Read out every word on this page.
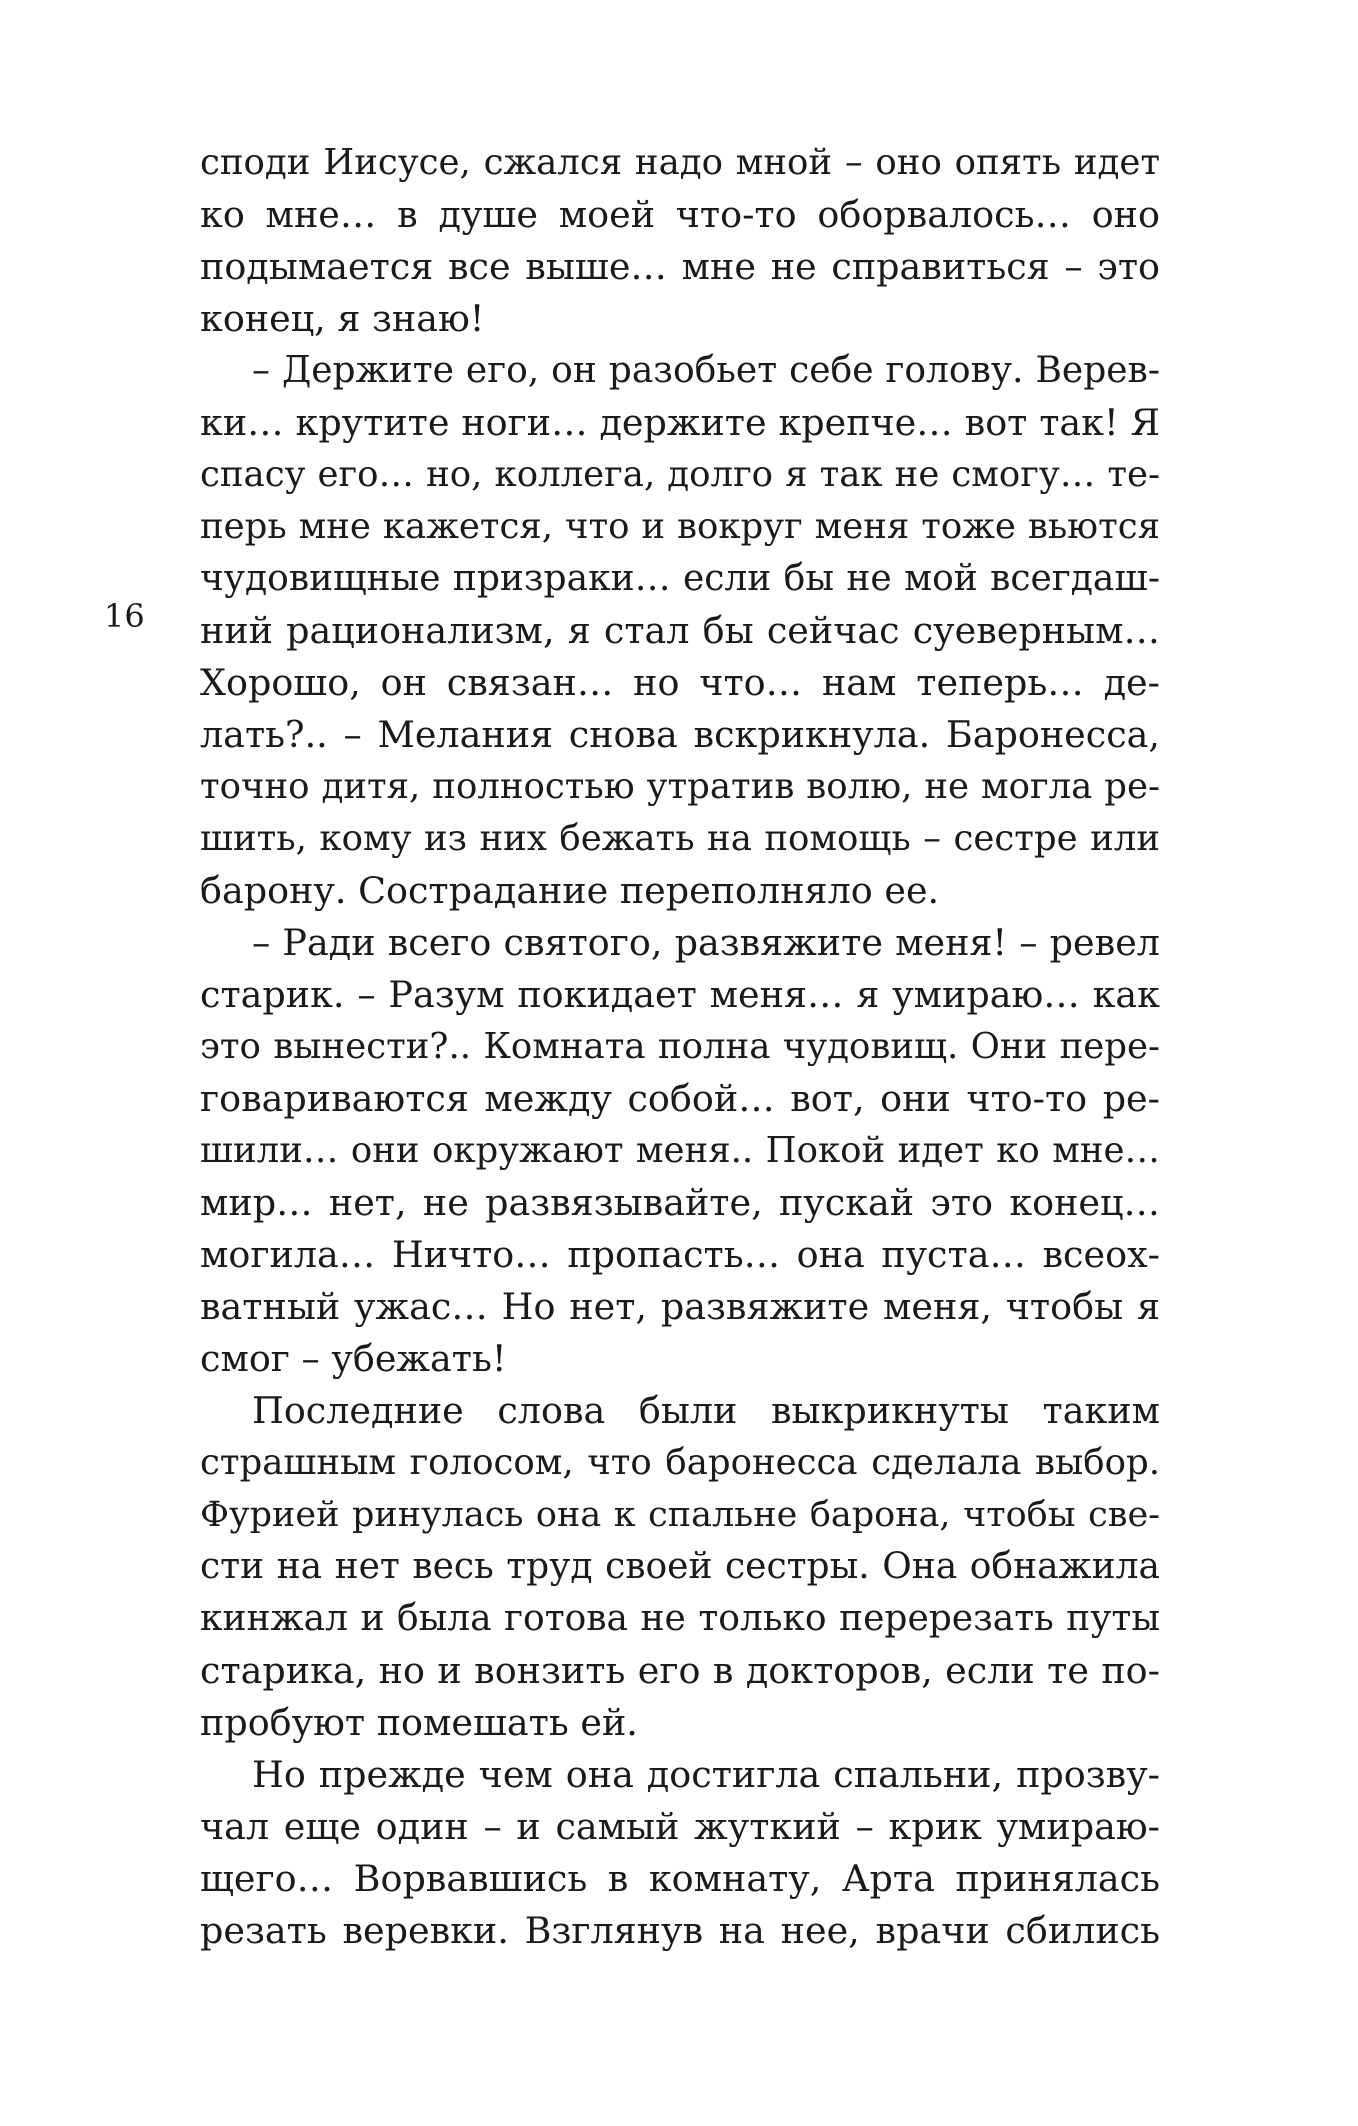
16
споди Иисусе, сжался надо мной – оно опять идет
ко мне… в душе моей что-то оборвалось… оно
подымается все выше… мне не справиться – это
конец, я знаю!
– Держите его, он разобьет себе голову. Верев-
ки… крутите ноги… держите крепче… вот так! Я
спасу его… но, коллега, долго я так не смогу… те-
перь мне кажется, что и вокруг меня тоже вьются
чудовищные призраки… если бы не мой всегдаш-
ний рационализм, я стал бы сейчас суеверным…
Хорошо, он связан… но что… нам теперь… де-
лать?.. – Мелания снова вскрикнула. Баронесса,
точно дитя, полностью утратив волю, не могла ре-
шить, кому из них бежать на помощь – сестре или
барону. Сострадание переполняло ее.
– Ради всего святого, развяжите меня! – ревел
старик. – Разум покидает меня… я умираю… как
это вынести?.. Комната полна чудовищ. Они пере-
говариваются между собой… вот, они что-то ре-
шили… они окружают меня.. Покой идет ко мне…
мир… нет, не развязывайте, пускай это конец…
могила… Ничто… пропасть… она пуста… всеох-
ватный ужас… Но нет, развяжите меня, чтобы я
смог – убежать!
Последние слова были выкрикнуты таким
страшным голосом, что баронесса сделала выбор.
Фурией ринулась она к спальне барона, чтобы све-
сти на нет весь труд своей сестры. Она обнажила
кинжал и была готова не только перерезать путы
старика, но и вонзить его в докторов, если те по-
пробуют помешать ей.
Но прежде чем она достигла спальни, прозву-
чал еще один – и самый жуткий – крик умираю-
щего… Ворвавшись в комнату, Арта принялась
резать веревки. Взглянув на нее, врачи сбились
